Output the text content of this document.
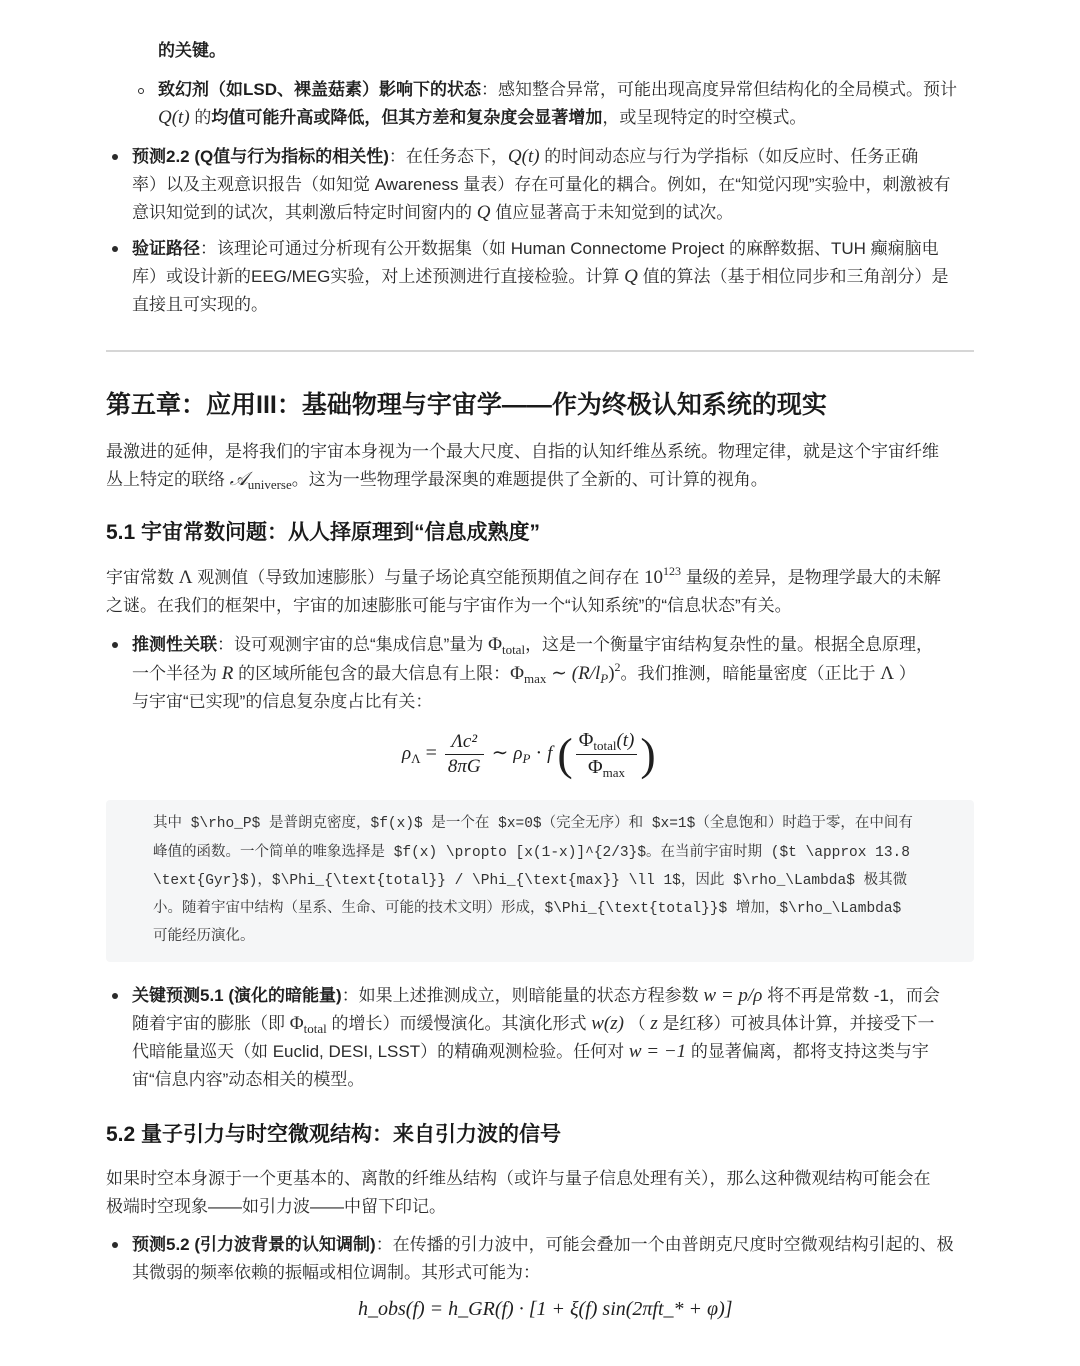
的关键。
致幻剂（如LSD、裸盖菇素）影响下的状态：感知整合异常，可能出现高度异常但结构化的全局模式。预计
Q(t) 的均值可能升高或降低，但其方差和复杂度会显著增加，或呈现特定的时空模式。
预测2.2 (Q值与行为指标的相关性)：在任务态下，Q(t) 的时间动态应与行为学指标（如反应时、任务正确
率）以及主观意识报告（如知觉 Awareness 量表）存在可量化的耦合。例如，在“知觉闪现”实验中，刺激被有
意识知觉到的试次，其刺激后特定时间窗内的 Q 值应显著高于未知觉到的试次。
验证路径：该理论可通过分析现有公开数据集（如 Human Connectome Project 的麻醉数据、TUH 癫痫脑电
库）或设计新的EEG/MEG实验，对上述预测进行直接检验。计算 Q 值的算法（基于相位同步和三角剖分）是
直接且可实现的。
第五章：应用III：基础物理与宇宙学——作为终极认知系统的现实
最激进的延伸，是将我们的宇宙本身视为一个最大尺度、自指的认知纤维丛系统。物理定律，就是这个宇宙纤维
丛上特定的联络 𝒜$_{universe}$。这为一些物理学最深奥的难题提供了全新的、可计算的视角。
5.1 宇宙常数问题：从人择原理到“信息成熟度”
宇宙常数 Λ 观测值（导致加速膨胀）与量子场论真空能预期值之间存在 $10^{123}$ 量级的差异，是物理学最大的未解
之谜。在我们的框架中，宇宙的加速膨胀可能与宇宙作为一个“认知系统”的“信息状态”有关。
推测性关联：设可观测宇宙的总“集成信息”量为 $\Phi_{total}$，这是一个衡量宇宙结构复杂性的量。根据全息原理，
一个半径为 R 的区域所能包含的最大信息有上限：$\Phi_{max}$ ∼ $(R/l_P)^2$。我们推测，暗能量密度（正比于 Λ ）
与宇宙“已实现”的信息复杂度占比有关：
$\rho_\Lambda = \frac{\text{Λc²}}{8\pi G}$ ∼ $\rho_P \cdot f$ ( $\frac{\Phi_{total}(t)}{\Phi_{max}}$ )
其中 $\rho_P$ 是普朗克密度，$f(x)$ 是一个在 $x=0$（完全无序）和 $x=1$（全息饱和）时趋于零，在中间有
峰值的函数。一个简单的唯象选择是 $f(x) \propto [x(1-x)]^{2/3}$。在当前宇宙时期 ($t \approx 13.8
\text{Gyr}$)，$\Phi_{\text{total}} / \Phi_{\text{max}} \ll 1$，因此 $\rho_\Lambda$ 极其微
小。随着宇宙中结构（星系、生命、可能的技术文明）形成，$\Phi_{\text{total}}$ 增加，$\rho_\Lambda$
可能经历演化。
关键预测5.1 (演化的暗能量)：如果上述推测成立，则暗能量的状态方程参数 w = p/ρ 将不再是常数 -1，而会
随着宇宙的膨胀（即 $\Phi_{total}$ 的增长）而缓慢演化。其演化形式 w(z) （ z 是红移）可被具体计算，并接受下一
代暗能量巡天（如 Euclid, DESI, LSST）的精确观测检验。任何对 w = −1 的显著偏离，都将支持这类与宇
宙“信息内容”动态相关的模型。
5.2 量子引力与时空微观结构：来自引力波的信号
如果时空本身源于一个更基本的、离散的纤维丛结构（或许与量子信息处理有关），那么这种微观结构可能会在
极端时空现象——如引力波——中留下印记。
预测5.2 (引力波背景的认知调制)：在传播的引力波中，可能会叠加一个由普朗克尺度时空微观结构引起的、极
其微弱的频率依赖的振幅或相位调制。其形式可能为：
h_obs(f) = h_GR(f) · [1 + ξ(f) sin(2πft_* + φ)]
